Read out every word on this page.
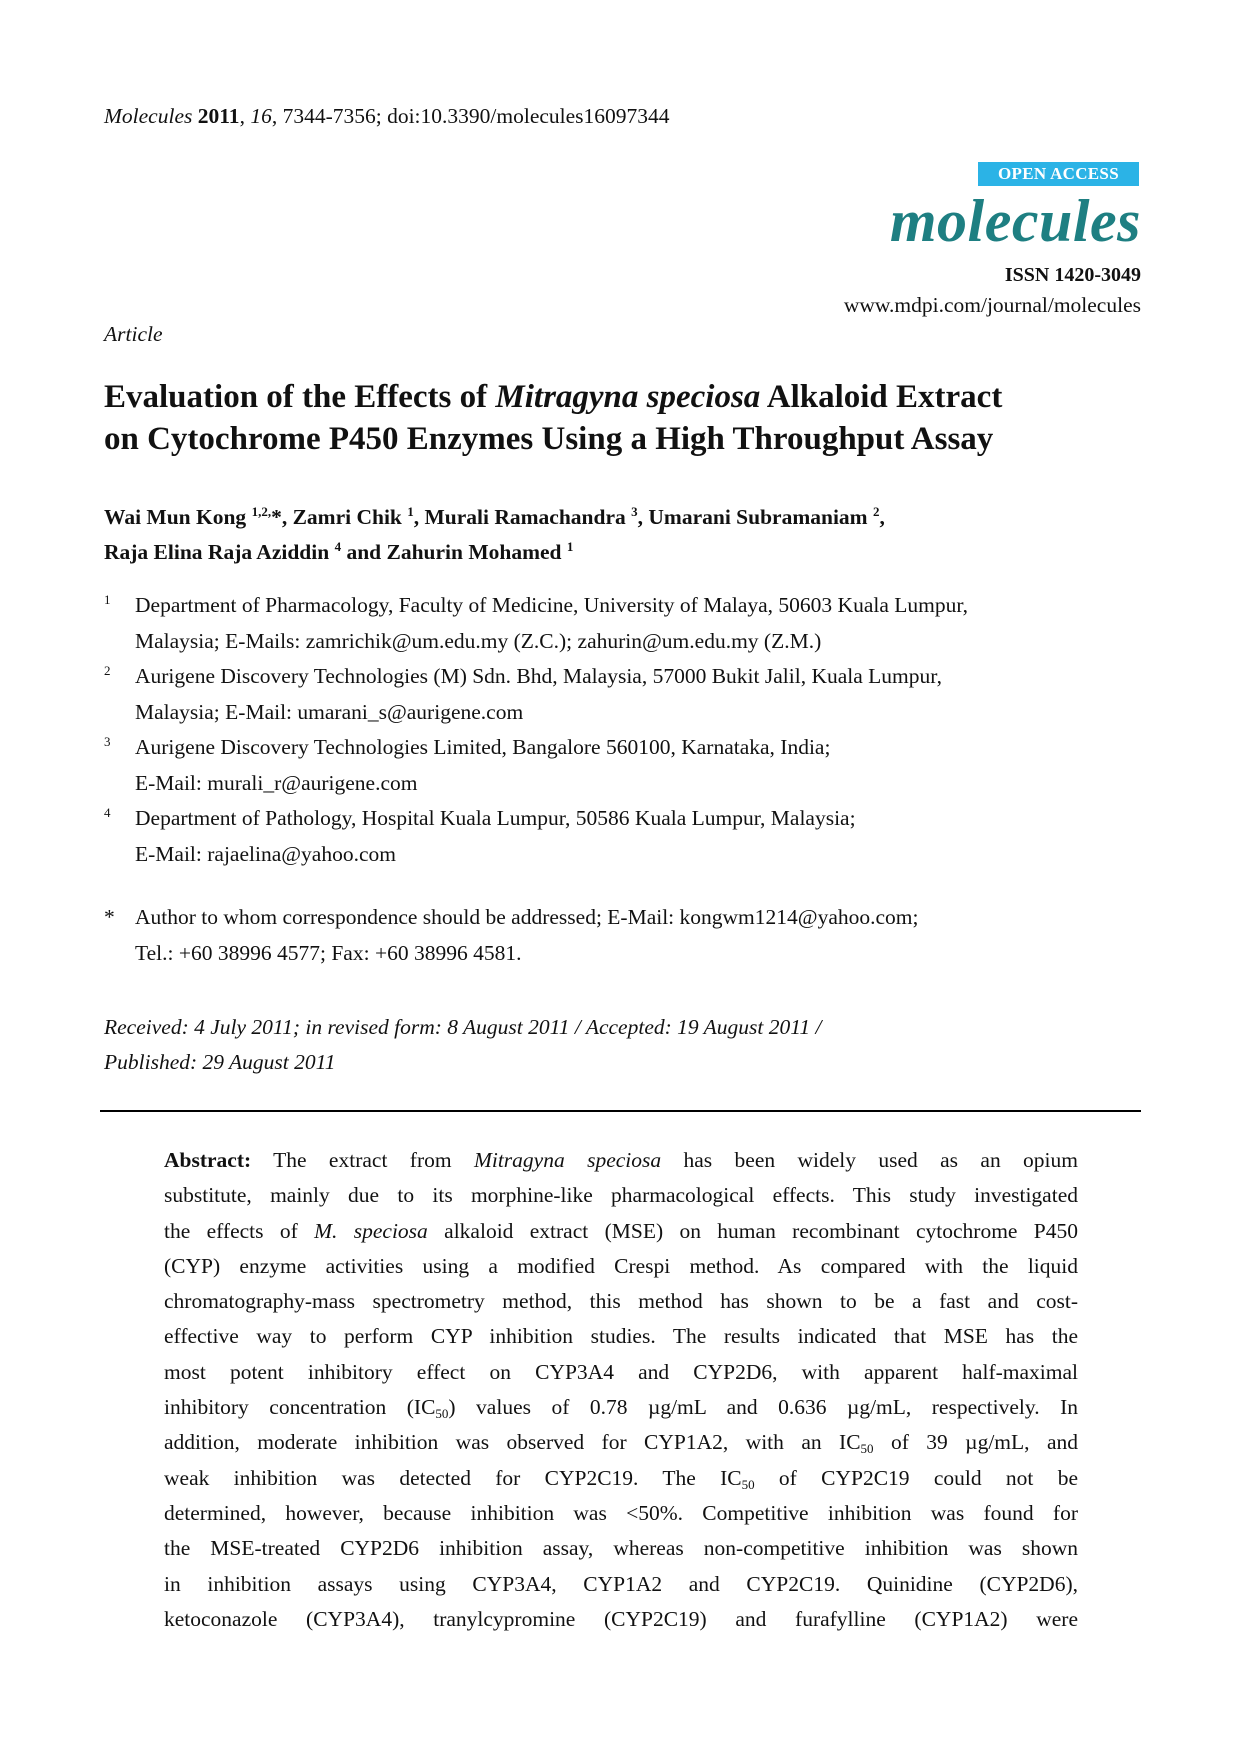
Molecules 2011, 16, 7344-7356; doi:10.3390/molecules16097344
OPEN ACCESS
molecules
ISSN 1420-3049
www.mdpi.com/journal/molecules
Article
Evaluation of the Effects of Mitragyna speciosa Alkaloid Extract
on Cytochrome P450 Enzymes Using a High Throughput Assay
Wai Mun Kong $^{1,2,}$*, Zamri Chik $^1$, Murali Ramachandra $^3$, Umarani Subramaniam $^2$,
Raja Elina Raja Aziddin $^4$ and Zahurin Mohamed $^1$
1 Department of Pharmacology, Faculty of Medicine, University of Malaya, 50603 Kuala Lumpur,
Malaysia; E-Mails: zamrichik@um.edu.my (Z.C.); zahurin@um.edu.my (Z.M.)
2 Aurigene Discovery Technologies (M) Sdn. Bhd, Malaysia, 57000 Bukit Jalil, Kuala Lumpur,
Malaysia; E-Mail: umarani_s@aurigene.com
3 Aurigene Discovery Technologies Limited, Bangalore 560100, Karnataka, India;
E-Mail: murali_r@aurigene.com
4 Department of Pathology, Hospital Kuala Lumpur, 50586 Kuala Lumpur, Malaysia;
E-Mail: rajaelina@yahoo.com
* Author to whom correspondence should be addressed; E-Mail: kongwm1214@yahoo.com;
Tel.: +60 38996 4577; Fax: +60 38996 4581.
Received: 4 July 2011; in revised form: 8 August 2011 / Accepted: 19 August 2011 /
Published: 29 August 2011
Abstract: The extract from Mitragyna speciosa has been widely used as an opium
substitute, mainly due to its morphine-like pharmacological effects. This study investigated
the effects of M. speciosa alkaloid extract (MSE) on human recombinant cytochrome P450
(CYP) enzyme activities using a modified Crespi method. As compared with the liquid
chromatography-mass spectrometry method, this method has shown to be a fast and cost-
effective way to perform CYP inhibition studies. The results indicated that MSE has the
most potent inhibitory effect on CYP3A4 and CYP2D6, with apparent half-maximal
inhibitory concentration $(IC_{50})$ values of 0.78 µg/mL and 0.636 µg/mL, respectively. In
addition, moderate inhibition was observed for CYP1A2, with an $IC_{50}$ of 39 µg/mL, and
weak inhibition was detected for CYP2C19. The $IC_{50}$ of CYP2C19 could not be
determined, however, because inhibition was <50%. Competitive inhibition was found for
the MSE-treated CYP2D6 inhibition assay, whereas non-competitive inhibition was shown
in inhibition assays using CYP3A4, CYP1A2 and CYP2C19. Quinidine (CYP2D6),
ketoconazole (CYP3A4), tranylcypromine (CYP2C19) and furafylline (CYP1A2) were
